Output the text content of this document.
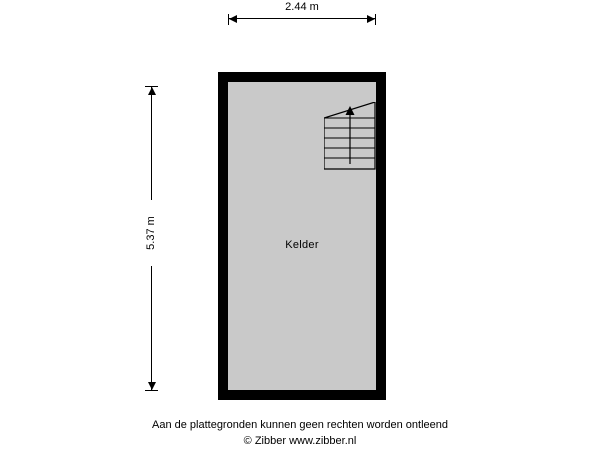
2.44 m
5.37 m	Kelder
Aan de plattegronden kunnen geen rechten worden ontleend
© Zibber www.zibber.nl
